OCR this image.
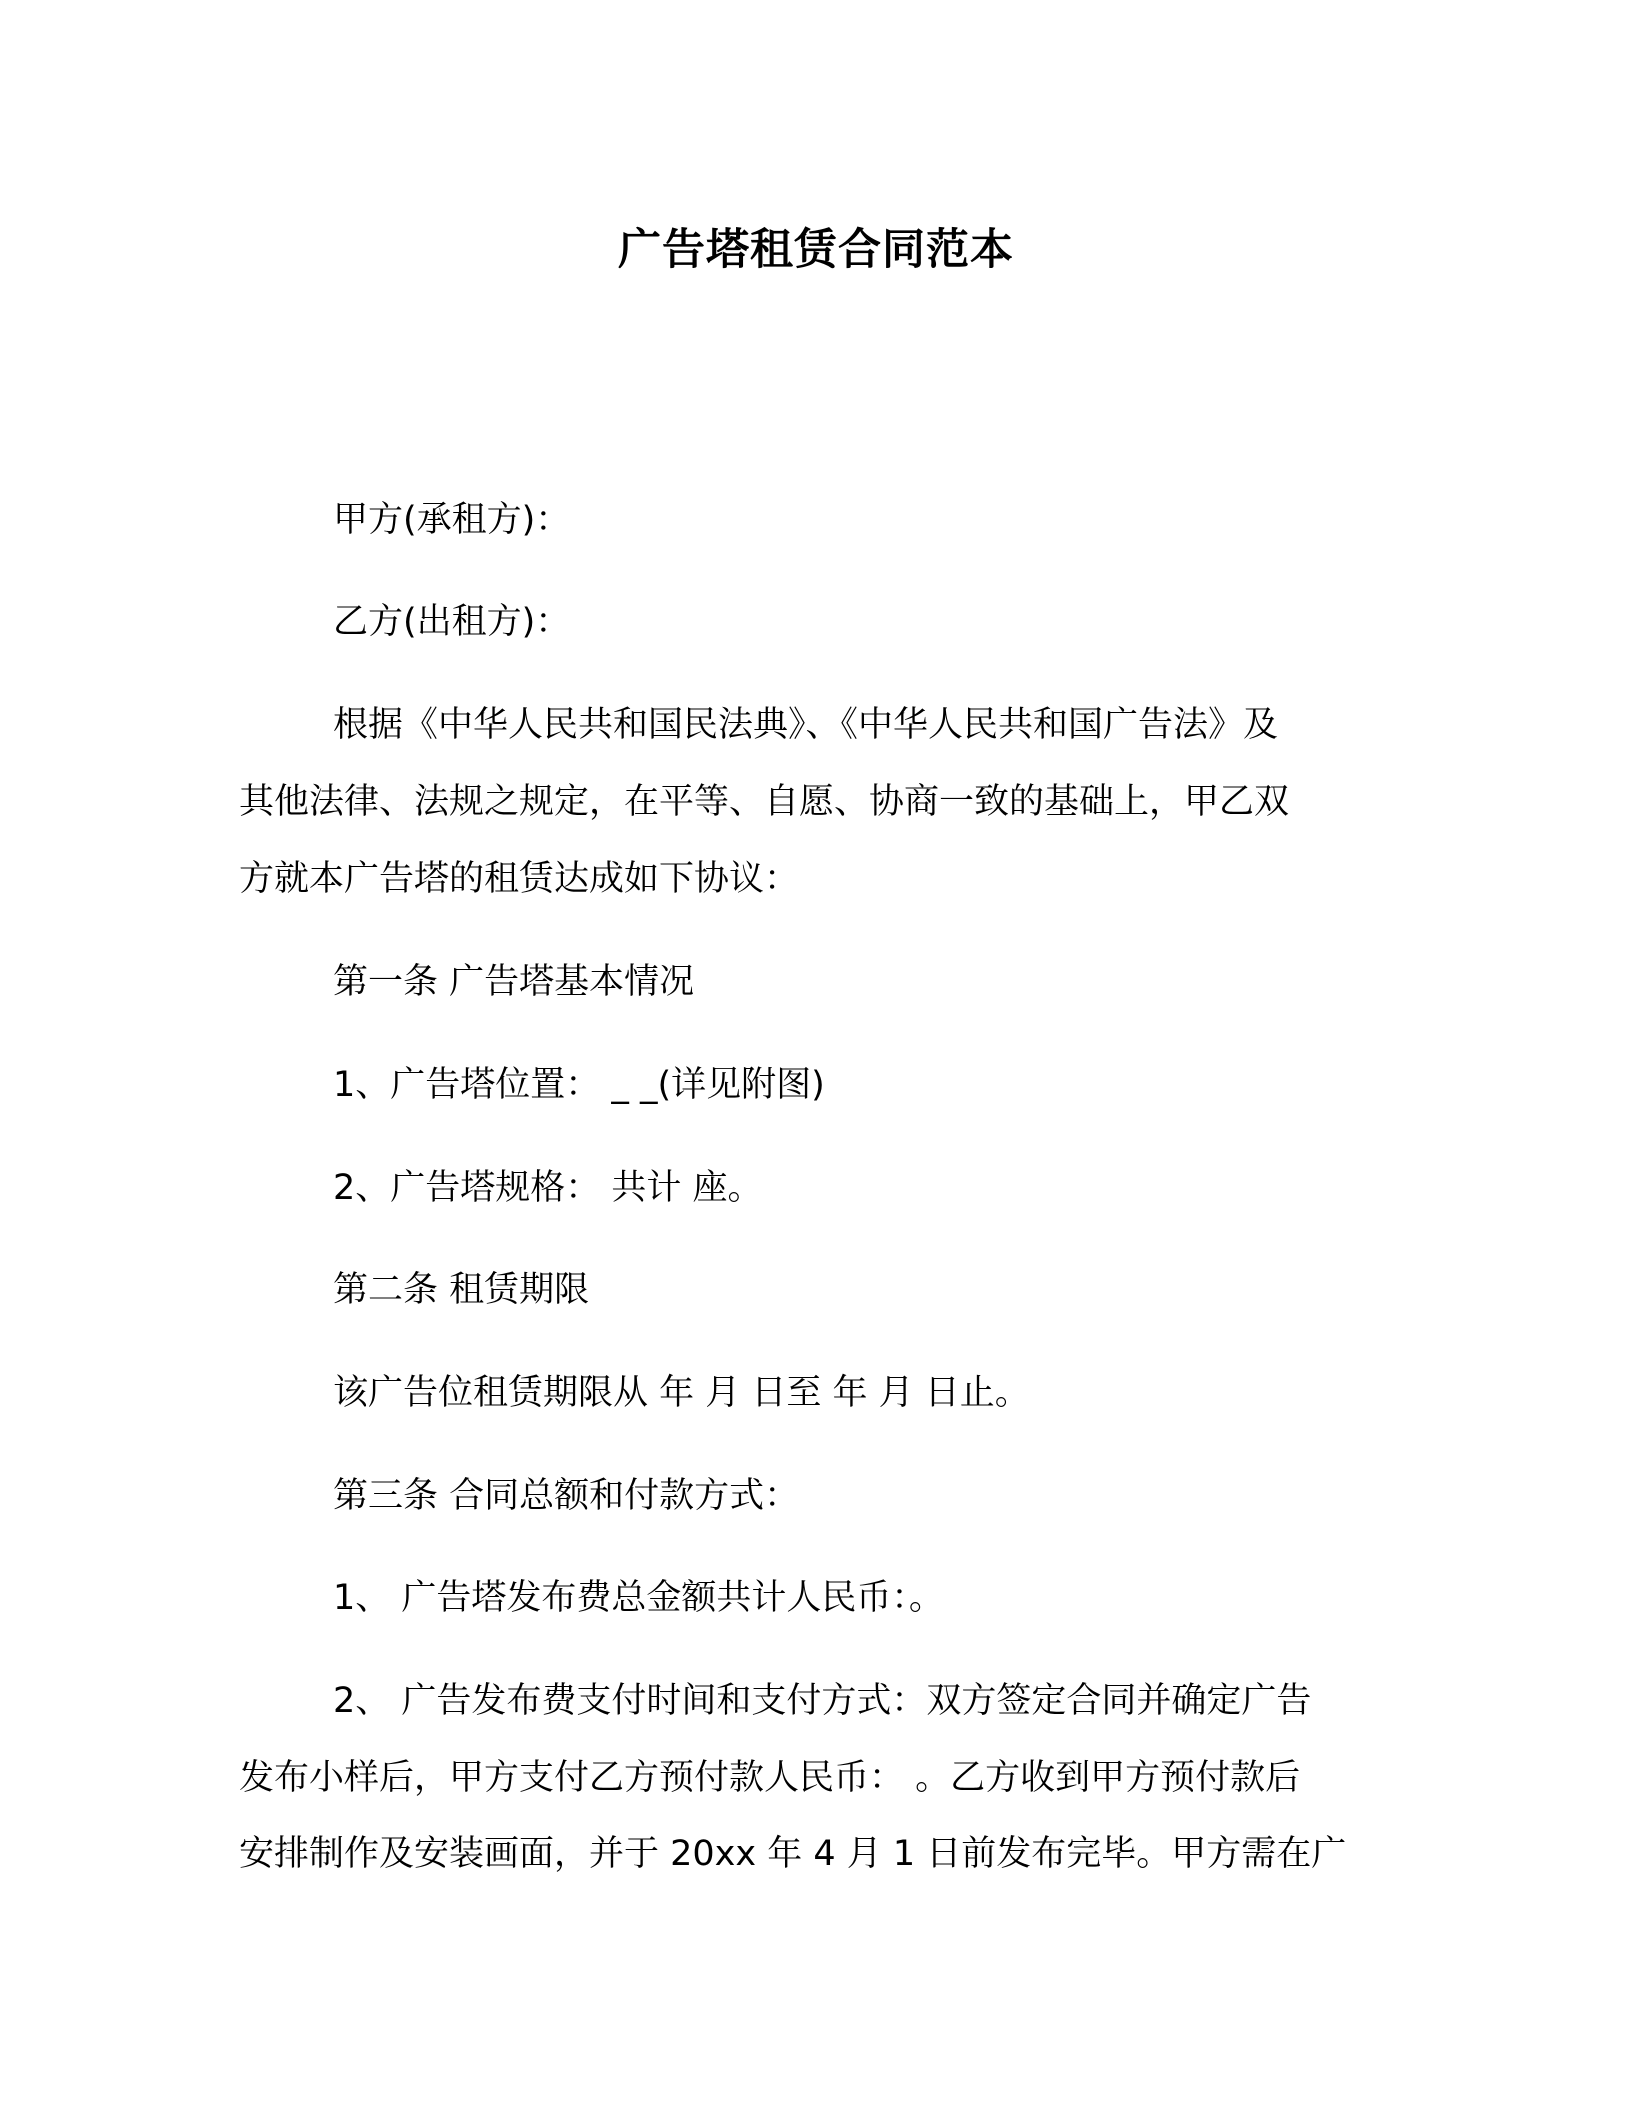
广告塔租赁合同范本

甲方(承租方)：

乙方(出租方)：

根据《中华人民共和国民法典》、《中华人民共和国广告法》及

其他法律、法规之规定，在平等、自愿、协商一致的基础上，甲乙双

方就本广告塔的租赁达成如下协议：

第一条 广告塔基本情况

1、广告塔位置： _ _(详见附图)

2、广告塔规格： 共计 座。

第二条 租赁期限

该广告位租赁期限从 年 月 日至 年 月 日止。

第三条 合同总额和付款方式：

1、 广告塔发布费总金额共计人民币：。

2、 广告发布费支付时间和支付方式：双方签定合同并确定广告

发布小样后，甲方支付乙方预付款人民币： 。乙方收到甲方预付款后

安排制作及安装画面，并于 20xx 年 4 月 1 日前发布完毕。甲方需在广
